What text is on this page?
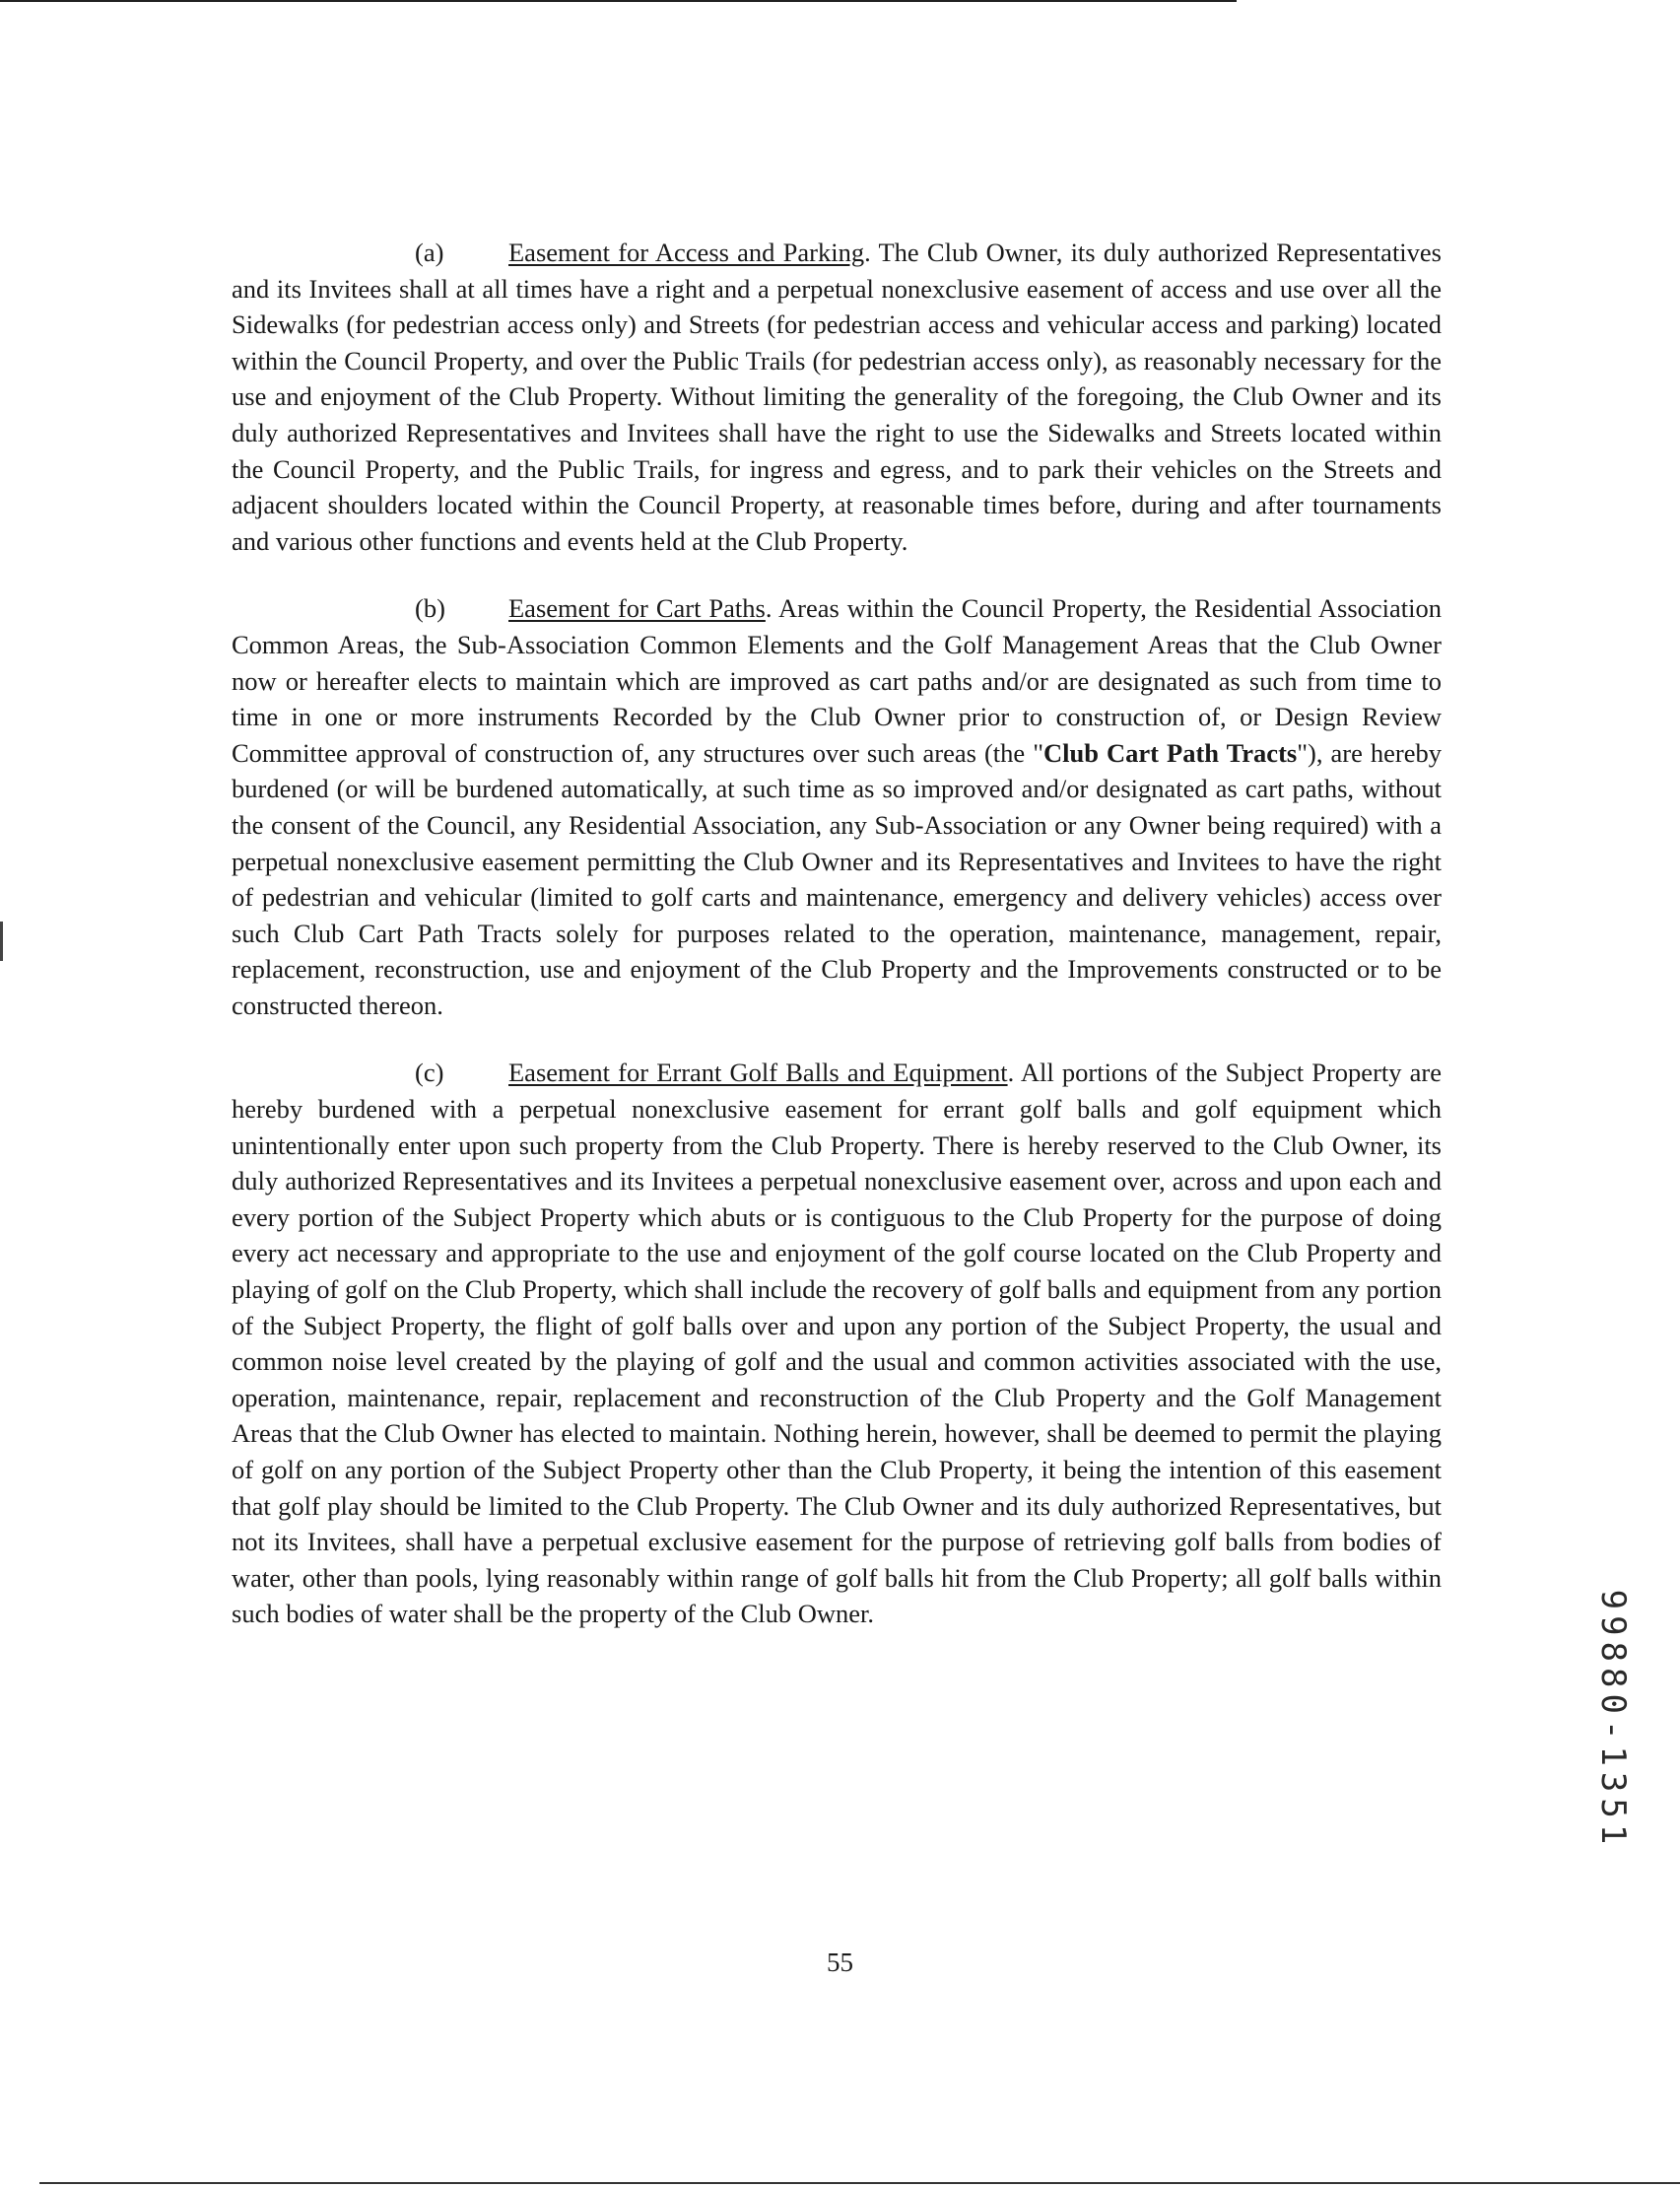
(a) Easement for Access and Parking. The Club Owner, its duly authorized Representatives and its Invitees shall at all times have a right and a perpetual nonexclusive easement of access and use over all the Sidewalks (for pedestrian access only) and Streets (for pedestrian access and vehicular access and parking) located within the Council Property, and over the Public Trails (for pedestrian access only), as reasonably necessary for the use and enjoyment of the Club Property. Without limiting the generality of the foregoing, the Club Owner and its duly authorized Representatives and Invitees shall have the right to use the Sidewalks and Streets located within the Council Property, and the Public Trails, for ingress and egress, and to park their vehicles on the Streets and adjacent shoulders located within the Council Property, at reasonable times before, during and after tournaments and various other functions and events held at the Club Property.

(b) Easement for Cart Paths. Areas within the Council Property, the Residential Association Common Areas, the Sub-Association Common Elements and the Golf Management Areas that the Club Owner now or hereafter elects to maintain which are improved as cart paths and/or are designated as such from time to time in one or more instruments Recorded by the Club Owner prior to construction of, or Design Review Committee approval of construction of, any structures over such areas (the "Club Cart Path Tracts"), are hereby burdened (or will be burdened automatically, at such time as so improved and/or designated as cart paths, without the consent of the Council, any Residential Association, any Sub-Association or any Owner being required) with a perpetual nonexclusive easement permitting the Club Owner and its Representatives and Invitees to have the right of pedestrian and vehicular (limited to golf carts and maintenance, emergency and delivery vehicles) access over such Club Cart Path Tracts solely for purposes related to the operation, maintenance, management, repair, replacement, reconstruction, use and enjoyment of the Club Property and the Improvements constructed or to be constructed thereon.

(c) Easement for Errant Golf Balls and Equipment. All portions of the Subject Property are hereby burdened with a perpetual nonexclusive easement for errant golf balls and golf equipment which unintentionally enter upon such property from the Club Property. There is hereby reserved to the Club Owner, its duly authorized Representatives and its Invitees a perpetual nonexclusive easement over, across and upon each and every portion of the Subject Property which abuts or is contiguous to the Club Property for the purpose of doing every act necessary and appropriate to the use and enjoyment of the golf course located on the Club Property and playing of golf on the Club Property, which shall include the recovery of golf balls and equipment from any portion of the Subject Property, the flight of golf balls over and upon any portion of the Subject Property, the usual and common noise level created by the playing of golf and the usual and common activities associated with the use, operation, maintenance, repair, replacement and reconstruction of the Club Property and the Golf Management Areas that the Club Owner has elected to maintain. Nothing herein, however, shall be deemed to permit the playing of golf on any portion of the Subject Property other than the Club Property, it being the intention of this easement that golf play should be limited to the Club Property. The Club Owner and its duly authorized Representatives, but not its Invitees, shall have a perpetual exclusive easement for the purpose of retrieving golf balls from bodies of water, other than pools, lying reasonably within range of golf balls hit from the Club Property; all golf balls within such bodies of water shall be the property of the Club Owner.	99880-1351
55
